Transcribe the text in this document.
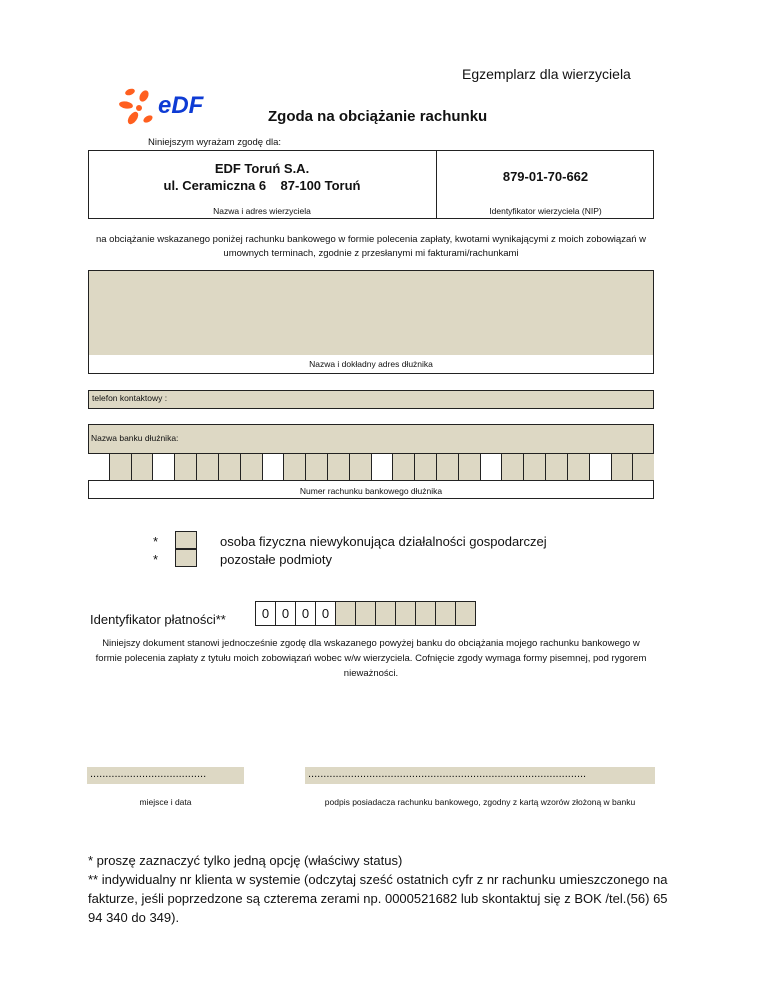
Egzemplarz dla wierzyciela
eDF	Zgoda na obciążanie rachunku
Niniejszym wyrażam zgodę dla:
EDF Toruń S.A.
ul. Ceramiczna 6    87-100 Toruń
879-01-70-662
Nazwa i adres wierzyciela	Identyfikator wierzyciela (NIP)
na obciążanie wskazanego poniżej rachunku bankowego w formie polecenia zapłaty, kwotami wynikającymi z moich zobowiązań w umownych terminach, zgodnie z przesłanymi mi fakturami/rachunkami
Nazwa i dokładny adres dłużnika
telefon kontaktowy :
Nazwa banku dłużnika:
Numer rachunku bankowego dłużnika
*	osoba fizyczna niewykonująca działalności gospodarczej
*	pozostałe podmioty
Identyfikator płatności**	0 0 0 0
Niniejszy dokument stanowi jednocześnie zgodę dla wskazanego powyżej banku do obciążania mojego rachunku bankowego w formie polecenia zapłaty z tytułu moich zobowiązań wobec w/w wierzyciela. Cofnięcie zgody wymaga formy pisemnej, pod rygorem nieważności.
......................................	...........................................................................................
miejsce i data	podpis posiadacza rachunku bankowego, zgodny z kartą wzorów złożoną w banku
* proszę zaznaczyć tylko jedną opcję (właściwy status)
** indywidualny nr klienta w systemie (odczytaj sześć ostatnich cyfr z nr rachunku umieszczonego na fakturze, jeśli poprzedzone są czterema zerami np. 0000521682 lub skontaktuj się z BOK /tel.(56) 65 94 340 do 349).
